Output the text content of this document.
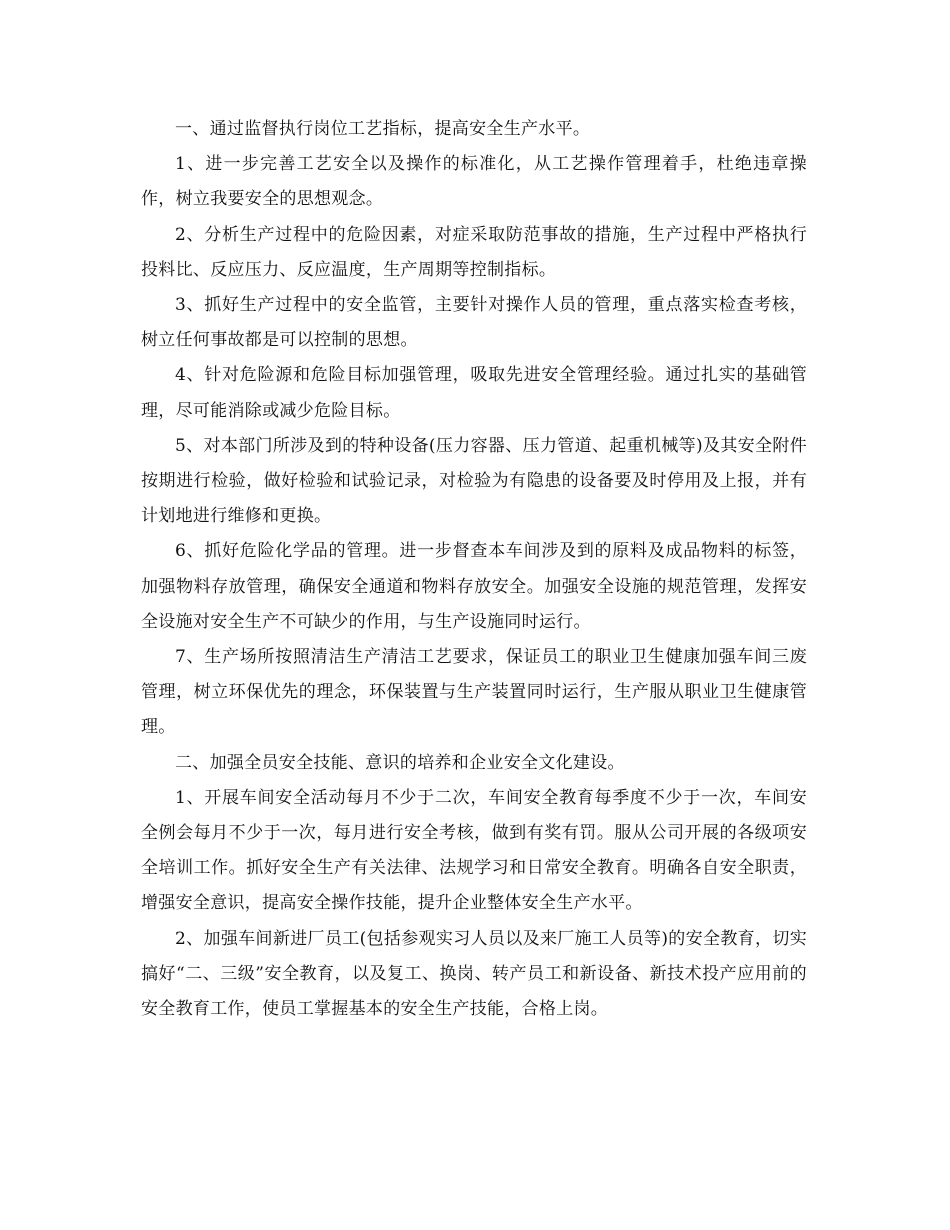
一、通过监督执行岗位工艺指标，提高安全生产水平。

1、进一步完善工艺安全以及操作的标准化，从工艺操作管理着手，杜绝违章操作，树立我要安全的思想观念。

2、分析生产过程中的危险因素，对症采取防范事故的措施，生产过程中严格执行投料比、反应压力、反应温度，生产周期等控制指标。

3、抓好生产过程中的安全监管，主要针对操作人员的管理，重点落实检查考核，树立任何事故都是可以控制的思想。

4、针对危险源和危险目标加强管理，吸取先进安全管理经验。通过扎实的基础管理，尽可能消除或减少危险目标。

5、对本部门所涉及到的特种设备(压力容器、压力管道、起重机械等)及其安全附件按期进行检验，做好检验和试验记录，对检验为有隐患的设备要及时停用及上报，并有计划地进行维修和更换。

6、抓好危险化学品的管理。进一步督查本车间涉及到的原料及成品物料的标签，加强物料存放管理，确保安全通道和物料存放安全。加强安全设施的规范管理，发挥安全设施对安全生产不可缺少的作用，与生产设施同时运行。

7、生产场所按照清洁生产清洁工艺要求，保证员工的职业卫生健康加强车间三废管理，树立环保优先的理念，环保装置与生产装置同时运行，生产服从职业卫生健康管理。

二、加强全员安全技能、意识的培养和企业安全文化建设。

1、开展车间安全活动每月不少于二次，车间安全教育每季度不少于一次，车间安全例会每月不少于一次，每月进行安全考核，做到有奖有罚。服从公司开展的各级项安全培训工作。抓好安全生产有关法律、法规学习和日常安全教育。明确各自安全职责，增强安全意识，提高安全操作技能，提升企业整体安全生产水平。

2、加强车间新进厂员工(包括参观实习人员以及来厂施工人员等)的安全教育，切实搞好“二、三级”安全教育，以及复工、换岗、转产员工和新设备、新技术投产应用前的安全教育工作，使员工掌握基本的安全生产技能，合格上岗。
